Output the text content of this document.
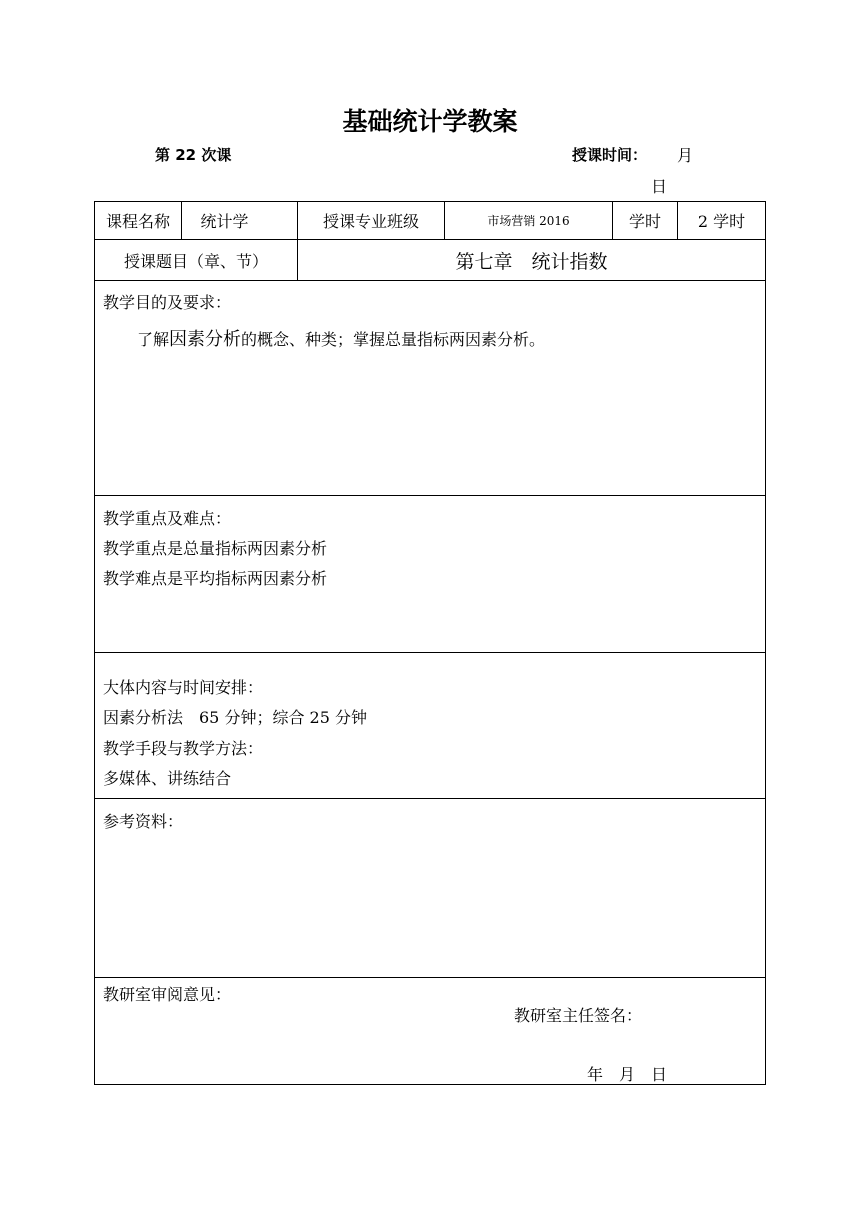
基础统计学教案
第 22 次课	授课时间： 月
日
课程名称	统计学	授课专业班级	市场营销 2016	学时	2 学时
授课题目（章、节）	第七章　统计指数
教学目的及要求：
了解因素分析的概念、种类；掌握总量指标两因素分析。
教学重点及难点：
教学重点是总量指标两因素分析
教学难点是平均指标两因素分析
大体内容与时间安排：
因素分析法　65 分钟；综合 25 分钟
教学手段与教学方法：
多媒体、讲练结合
参考资料：
教研室审阅意见：
教研室主任签名：
年　月　日
